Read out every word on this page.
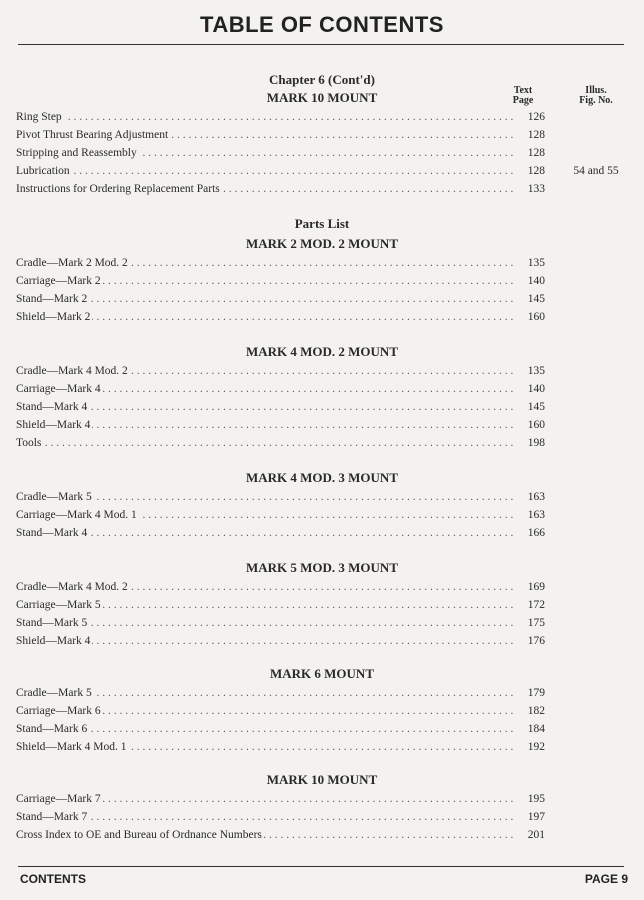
TABLE OF CONTENTS
Chapter 6 (Cont'd)
MARK 10 MOUNT	Text
Page
Illus.
Fig. No.
. . .
Ring Step	126
. . .
Pivot Thrust Bearing Adjustment	128
. . .
Stripping and Reassembly	128
. . .
Lubrication	128	54 and 55
. . .
Instructions for Ordering Replacement Parts	133
Parts List
MARK 2 MOD. 2 MOUNT
. . .
Cradle—Mark 2 Mod. 2	135
. . .
Carriage—Mark 2	140
. . .
Stand—Mark 2	145
. . .
Shield—Mark 2	160
MARK 4 MOD. 2 MOUNT
. . .
Cradle—Mark 4 Mod. 2	135
. . .
Carriage—Mark 4	140
. . .
Stand—Mark 4	145
. . .
Shield—Mark 4	160
. . .
Tools	198
MARK 4 MOD. 3 MOUNT
. . .
Cradle—Mark 5	163
. . .
Carriage—Mark 4 Mod. 1	163
. . .
Stand—Mark 4	166
MARK 5 MOD. 3 MOUNT
. . .
Cradle—Mark 4 Mod. 2	169
. . .
Carriage—Mark 5	172
. . .
Stand—Mark 5	175
. . .
Shield—Mark 4	176
MARK 6 MOUNT
. . .
Cradle—Mark 5	179
. . .
Carriage—Mark 6	182
. . .
Stand—Mark 6	184
. . .
Shield—Mark 4 Mod. 1	192
MARK 10 MOUNT
. . .
Carriage—Mark 7	195
. . .
Stand—Mark 7	197
. . .
Cross Index to OE and Bureau of Ordnance Numbers	201
CONTENTS	PAGE 9
